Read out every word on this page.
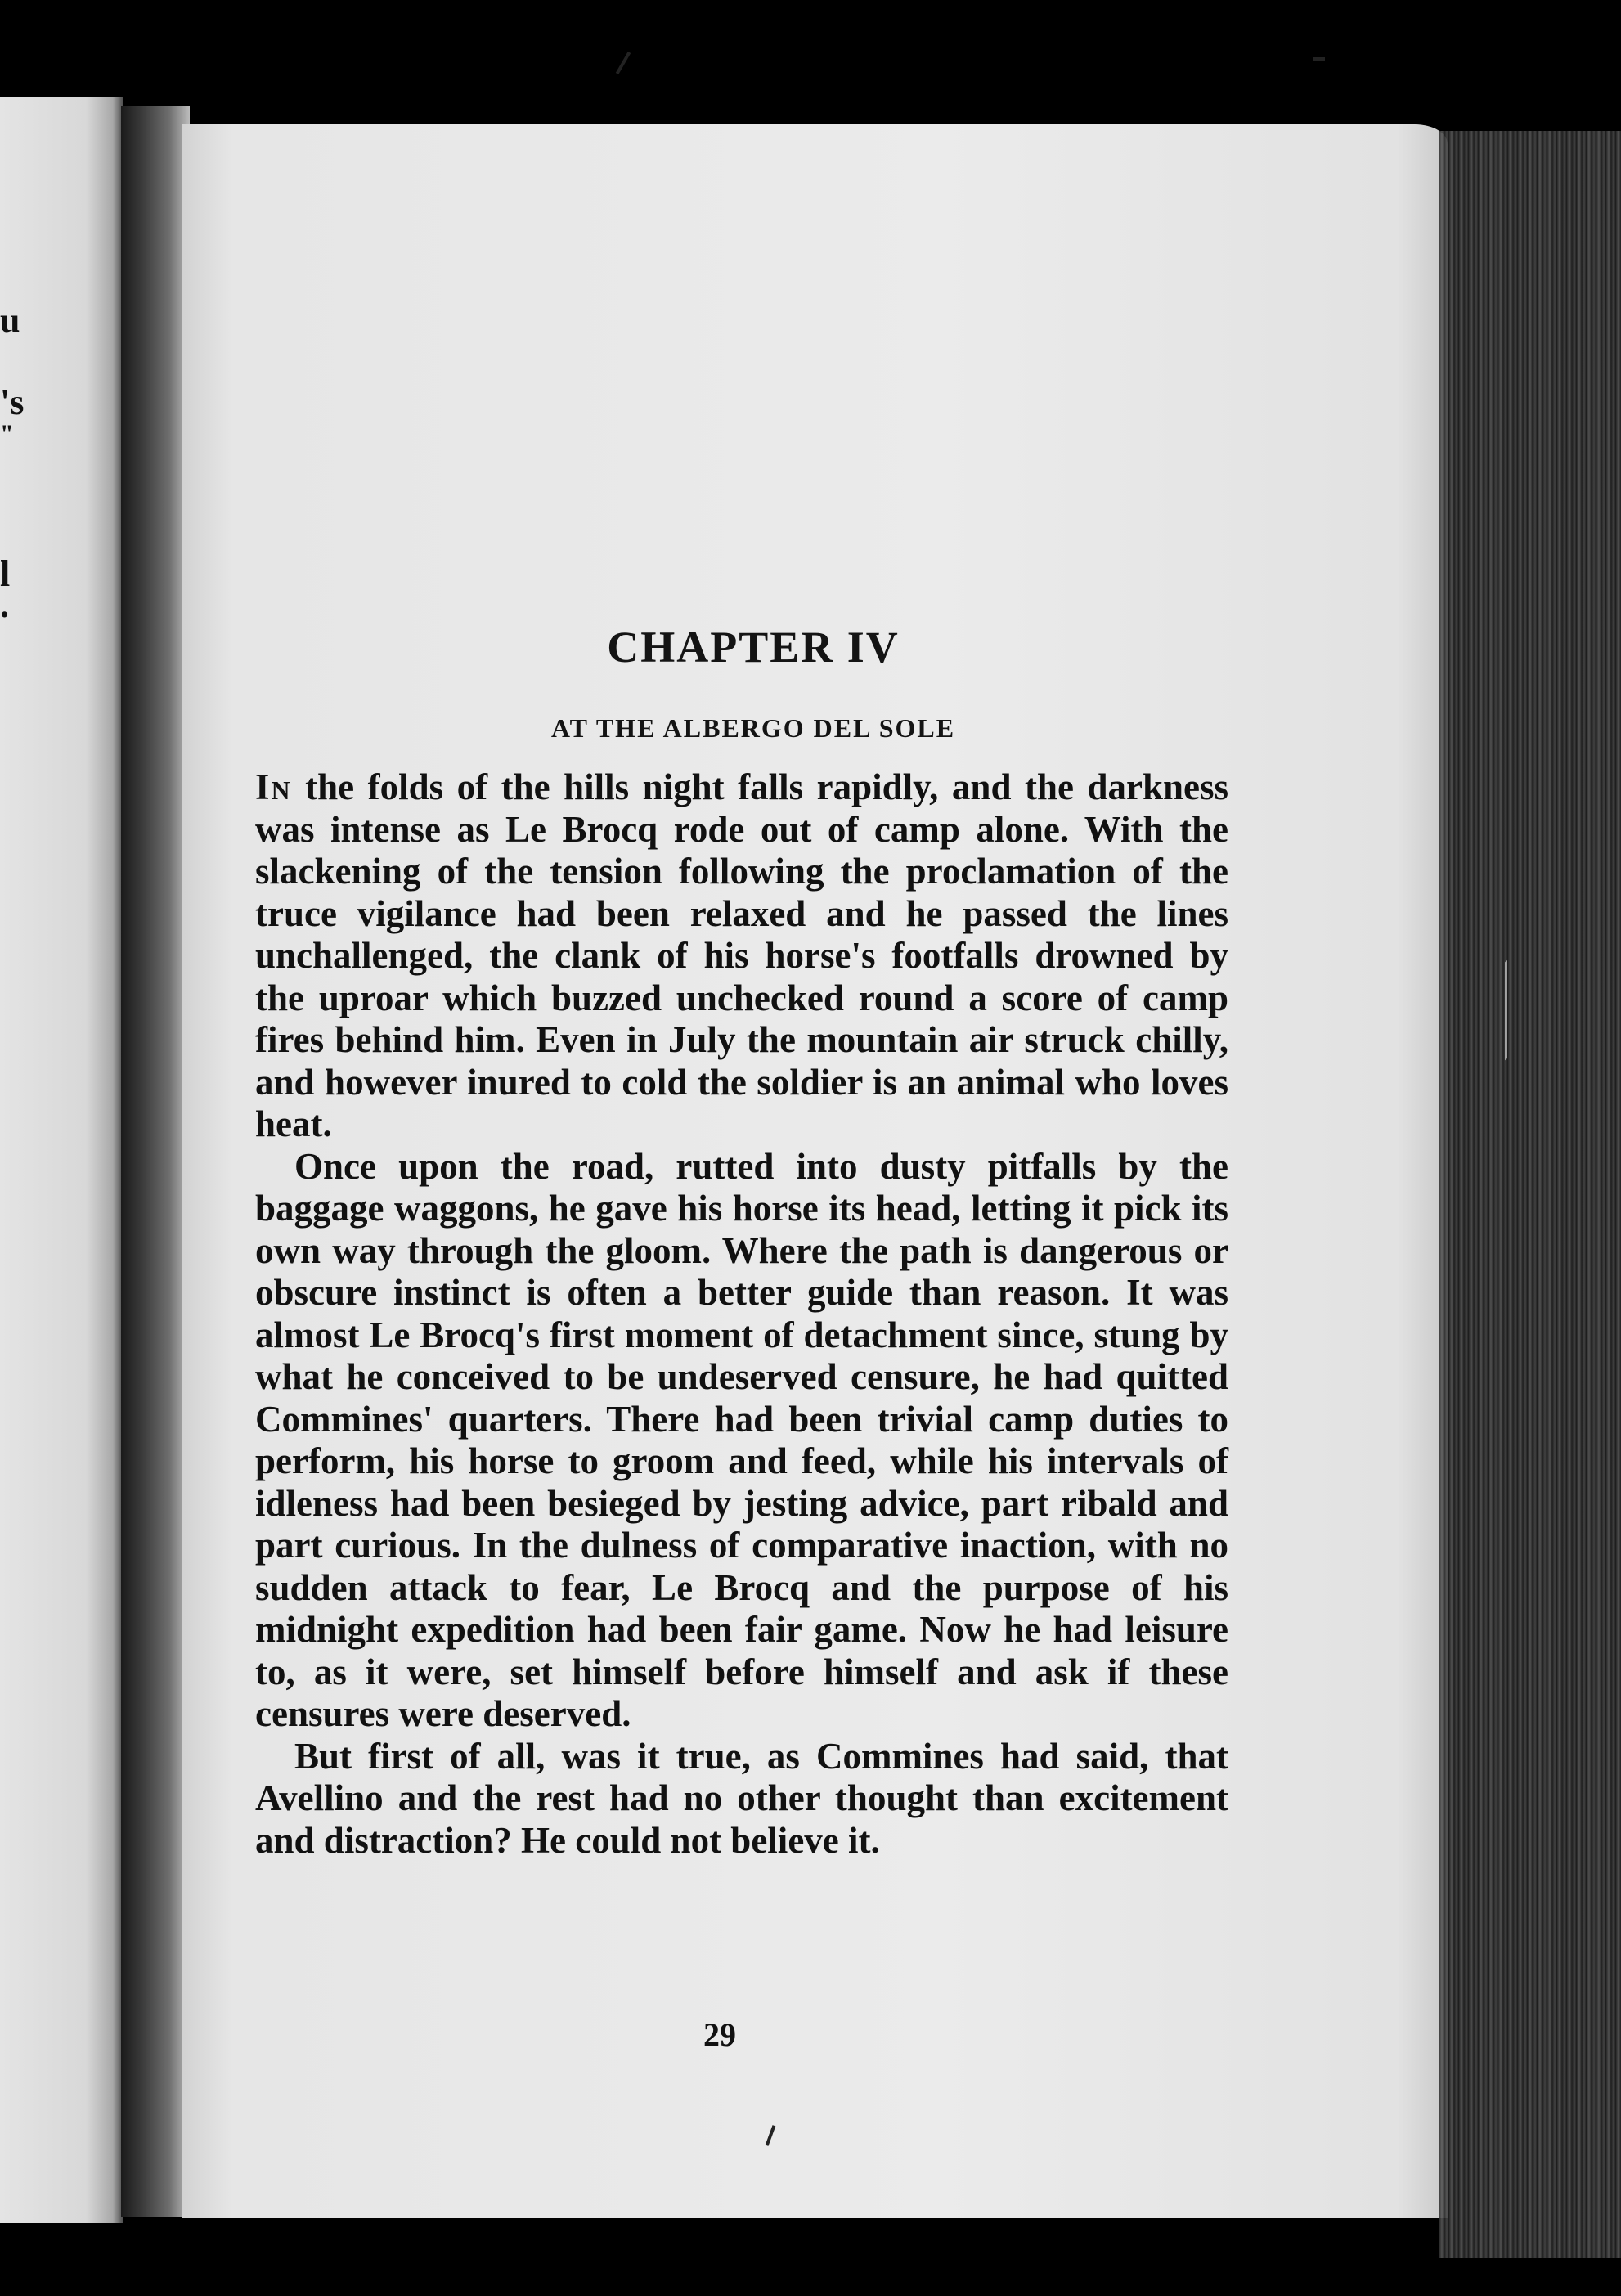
u
's
"
l
.
CHAPTER IV
AT THE ALBERGO DEL SOLE

In the folds of the hills night falls rapidly, and the darkness was intense as Le Brocq rode out of camp alone. With the slackening of the tension following the proclamation of the truce vigilance had been relaxed and he passed the lines unchallenged, the clank of his horse's footfalls drowned by the uproar which buzzed unchecked round a score of camp fires behind him. Even in July the mountain air struck chilly, and however inured to cold the soldier is an animal who loves heat.

Once upon the road, rutted into dusty pitfalls by the baggage waggons, he gave his horse its head, letting it pick its own way through the gloom. Where the path is dangerous or obscure instinct is often a better guide than reason. It was almost Le Brocq's first moment of detachment since, stung by what he conceived to be undeserved censure, he had quitted Commines' quarters. There had been trivial camp duties to perform, his horse to groom and feed, while his intervals of idleness had been besieged by jesting advice, part ribald and part curious. In the dulness of comparative inaction, with no sudden attack to fear, Le Brocq and the purpose of his midnight expedition had been fair game. Now he had leisure to, as it were, set himself before himself and ask if these censures were deserved.

But first of all, was it true, as Commines had said, that Avellino and the rest had no other thought than excitement and distraction? He could not believe it.

29
